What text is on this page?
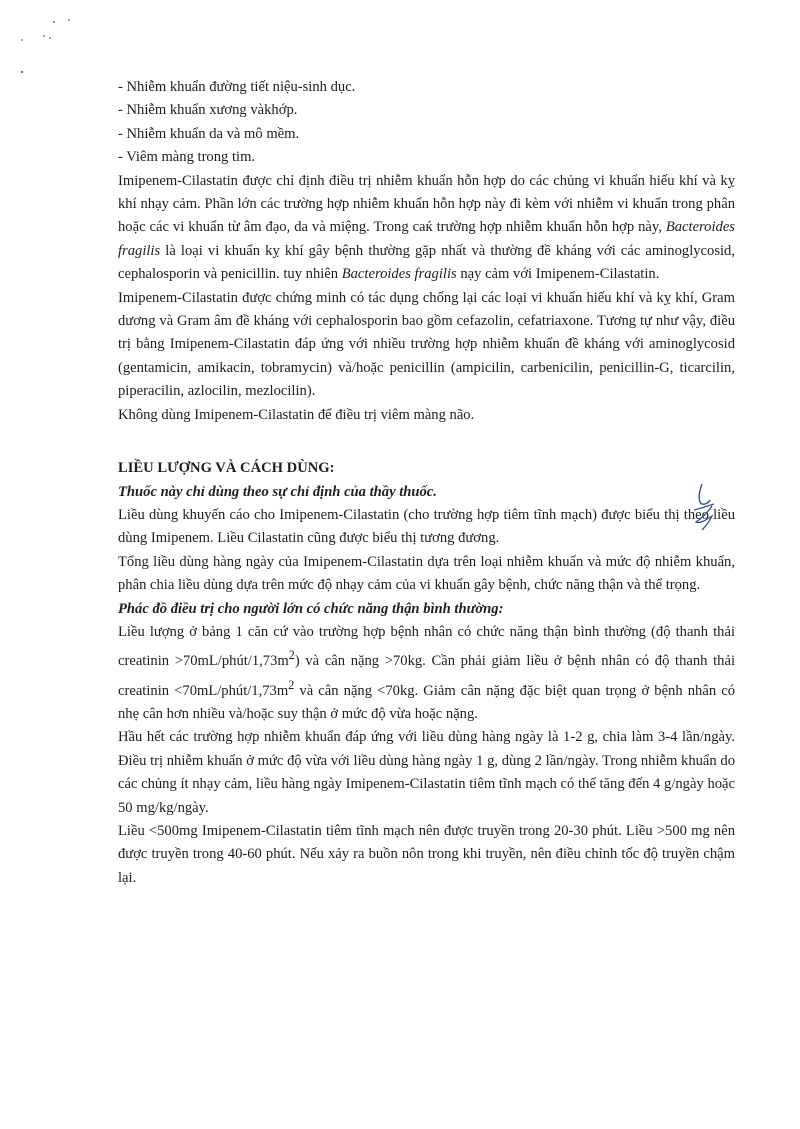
- Nhiễm khuẩn đường tiết niệu-sinh dục.

- Nhiễm khuẩn xương vàkhớp.

- Nhiễm khuẩn da và mô mềm.

- Viêm màng trong tim.

Imipenem-Cilastatin được chỉ định điều trị nhiễm khuẩn hỗn hợp do các chủng vi khuẩn hiếu khí và kỵ khí nhạy cảm. Phần lớn các trường hợp nhiễm khuẩn hỗn hợp này đi kèm với nhiễm vi khuẩn trong phân hoặc các vi khuẩn từ âm đạo, da và miệng. Trong caќ trường hợp nhiễm khuẩn hỗn hợp này, Bacteroides fragilis là loại vi khuẩn kỵ khí gây bệnh thường gặp nhất và thường đề kháng với các aminoglycosid, cephalosporin và penicillin. tuy nhiên Bacteroides fragilis nạy cảm với Imipenem-Cilastatin.

Imipenem-Cilastatin được chứng minh có tác dụng chống lại các loại vi khuẩn hiếu khí và kỵ khí, Gram dương và Gram âm đề kháng với cephalosporin bao gồm cefazolin, cefatriaxone. Tương tự như vậy, điều trị bằng Imipenem-Cilastatin đáp ứng với nhiều trường hợp nhiễm khuẩn đề kháng với aminoglycosid (gentamicin, amikacin, tobramycin) và/hoặc penicillin (ampicilin, carbenicilin, penicillin-G, ticarcilin, piperacilin, azlocilin, mezlocilin).

Không dùng Imipenem-Cilastatin để điều trị viêm màng não.

LIỀU LƯỢNG VÀ CÁCH DÙNG:

Thuốc này chỉ dùng theo sự chỉ định của thầy thuốc.

Liều dùng khuyến cáo cho Imipenem-Cilastatin (cho trường hợp tiêm tĩnh mạch) được biểu thị theo liều dùng Imipenem. Liều Cilastatin cũng được biểu thị tương đương.

Tổng liều dùng hàng ngày của Imipenem-Cilastatin dựa trên loại nhiễm khuẩn và mức độ nhiễm khuẩn, phân chia liều dùng dựa trên mức độ nhạy cảm của vi khuẩn gây bệnh, chức năng thận và thể trọng.

Phác đồ điều trị cho người lớn có chức năng thận bình thường:

Liều lượng ở bảng 1 căn cứ vào trường hợp bệnh nhân có chức năng thận bình thường (độ thanh thải creatinin $>70mL/phút/1,73m^2$) và cân nặng >70kg. Cần phải giảm liều ở bệnh nhân có độ thanh thải creatinin $<70mL/phút/1,73m^2$ và cân nặng <70kg. Giảm cân nặng đặc biệt quan trọng ở bệnh nhân có nhẹ cân hơn nhiều và/hoặc suy thận ở mức độ vừa hoặc nặng.

Hầu hết các trường hợp nhiễm khuẩn đáp ứng với liều dùng hàng ngày là 1-2 g, chia làm 3-4 lần/ngày. Điều trị nhiễm khuẩn ở mức độ vừa với liều dùng hàng ngày 1 g, dùng 2 lần/ngày. Trong nhiễm khuẩn do các chủng ít nhạy cảm, liều hàng ngày Imipenem-Cilastatin tiêm tĩnh mạch có thể tăng đến 4 g/ngày hoặc 50 mg/kg/ngày.

Liều <500mg Imipenem-Cilastatin tiêm tĩnh mạch nên được truyền trong 20-30 phút. Liều >500 mg nên được truyền trong 40-60 phút. Nếu xảy ra buồn nôn trong khi truyền, nên điều chỉnh tốc độ truyền chậm lại.
